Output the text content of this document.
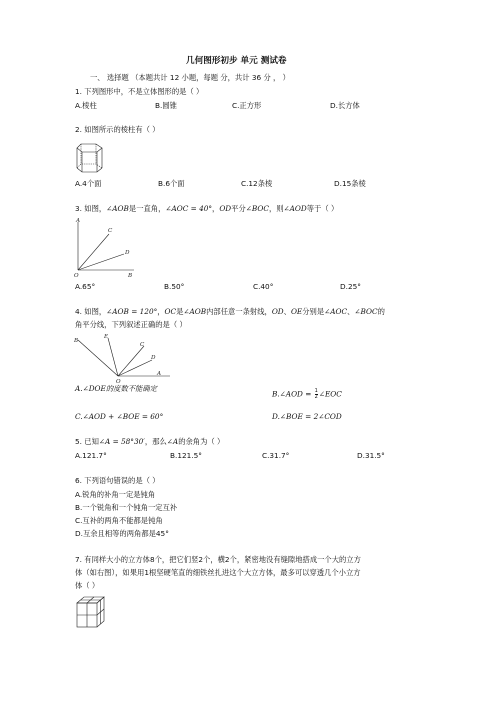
几何图形初步 单元 测试卷
一、 选择题 （本题共计 12 小题，每题 分，共计 36 分 ， ）
1. 下列图形中，不是立体图形的是（ ）
A.棱柱	B.圆锥	C.正方形	D.长方体
2. 如图所示的棱柱有（ ）
A.4个面	B.6个面	C.12条棱	D.15条棱
3. 如图，∠AOB是一直角，∠AOC = 40°，OD平分∠BOC，则∠AOD等于（ ）
A
C
D
O	B
A.65°	B.50°	C.40°	D.25°
4. 如图，∠AOB = 120°，OC是∠AOB内部任意一条射线，OD、OE分别是∠AOC、∠BOC的
角平分线，下列叙述正确的是（ ）
B
E
C
D
O
A
A.∠DOE的度数不能确定
B.∠AOD = $\frac{1}{2}$ ∠EOC
C.∠AOD + ∠BOE = 60°	D.∠BOE = 2∠COD
5. 已知∠A = 58°30′，那么∠A的余角为（ ）
A.121.7°	B.121.5°	C.31.7°	D.31.5°
6. 下列语句错误的是（ ）
A.锐角的补角一定是钝角
B.一个锐角和一个钝角一定互补
C.互补的两角不能都是钝角
D.互余且相等的两角都是45°
7. 有同样大小的立方体8个，把它们竖2个，横2个，紧密地没有缝隙地搭成一个大的立方
体（如右图），如果用1根坚硬笔直的细铁丝扎进这个大立方体，最多可以穿透几个小立方
体（ ）
